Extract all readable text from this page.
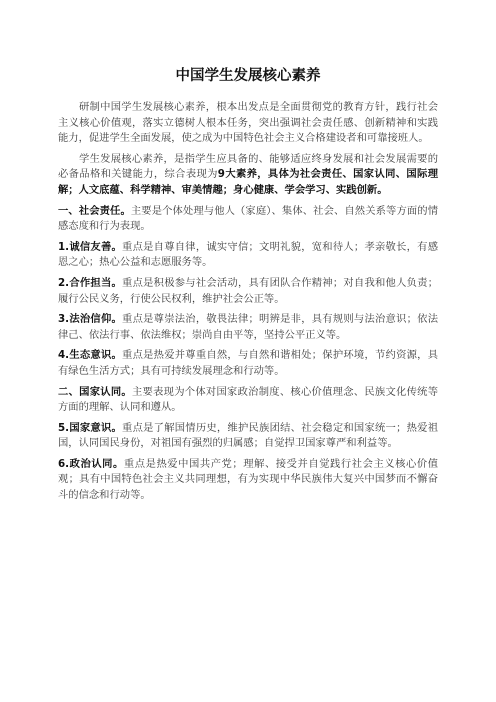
中国学生发展核心素养

研制中国学生发展核心素养，根本出发点是全面贯彻党的教育方针，践行社会主义核心价值观，落实立德树人根本任务，突出强调社会责任感、创新精神和实践能力，促进学生全面发展，使之成为中国特色社会主义合格建设者和可靠接班人。

学生发展核心素养，是指学生应具备的、能够适应终身发展和社会发展需要的必备品格和关键能力，综合表现为9大素养，具体为社会责任、国家认同、国际理解；人文底蕴、科学精神、审美情趣；身心健康、学会学习、实践创新。

一、社会责任。主要是个体处理与他人（家庭）、集体、社会、自然关系等方面的情感态度和行为表现。

1.诚信友善。重点是自尊自律，诚实守信；文明礼貌，宽和待人；孝亲敬长，有感恩之心；热心公益和志愿服务等。

2.合作担当。重点是积极参与社会活动，具有团队合作精神；对自我和他人负责；履行公民义务，行使公民权利，维护社会公正等。

3.法治信仰。重点是尊崇法治，敬畏法律；明辨是非，具有规则与法治意识；依法律己、依法行事、依法维权；崇尚自由平等，坚持公平正义等。

4.生态意识。重点是热爱并尊重自然，与自然和谐相处；保护环境，节约资源，具有绿色生活方式；具有可持续发展理念和行动等。

二、国家认同。主要表现为个体对国家政治制度、核心价值理念、民族文化传统等方面的理解、认同和遵从。

5.国家意识。重点是了解国情历史，维护民族团结、社会稳定和国家统一；热爱祖国，认同国民身份，对祖国有强烈的归属感；自觉捍卫国家尊严和利益等。

6.政治认同。重点是热爱中国共产党；理解、接受并自觉践行社会主义核心价值观；具有中国特色社会主义共同理想，有为实现中华民族伟大复兴中国梦而不懈奋斗的信念和行动等。
